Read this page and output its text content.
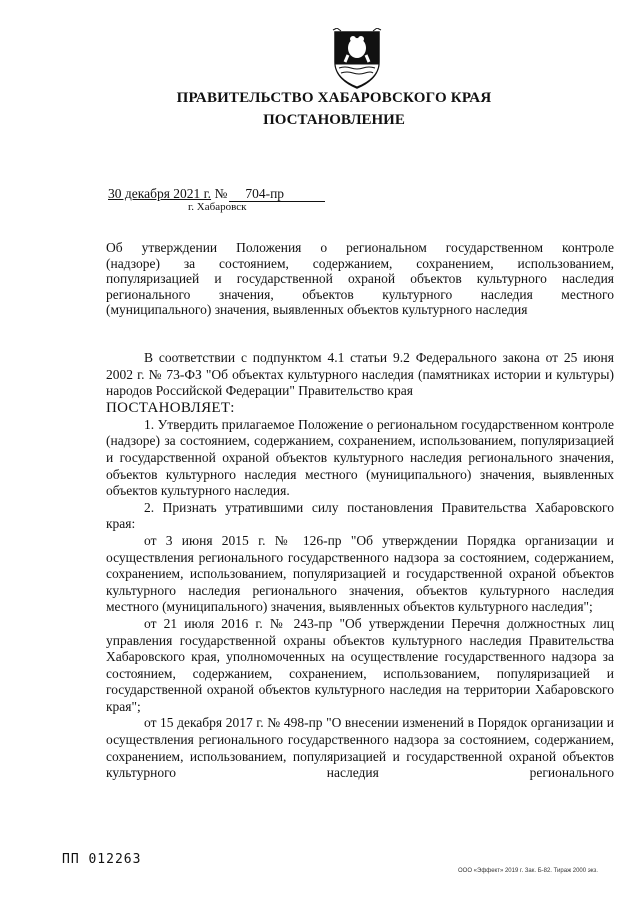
ПРАВИТЕЛЬСТВО ХАБАРОВСКОГО КРАЯ
ПОСТАНОВЛЕНИЕ
30 декабря 2021 г. № 704-пр
г. Хабаровск
Об утверждении Положения о региональном государственном контроле
(надзоре) за состоянием, содержанием, сохранением, использованием,
популяризацией и государственной охраной объектов культурного наследия
регионального значения, объектов культурного наследия местного
(муниципального) значения, выявленных объектов культурного наследия

В соответствии с подпунктом 4.1 статьи 9.2 Федерального закона от 25 июня 2002 г. № 73-ФЗ "Об объектах культурного наследия (памятниках истории и культуры) народов Российской Федерации" Правительство края

ПОСТАНОВЛЯЕТ:

1. Утвердить прилагаемое Положение о региональном государственном контроле (надзоре) за состоянием, содержанием, сохранением, использованием, популяризацией и государственной охраной объектов культурного наследия регионального значения, объектов культурного наследия местного (муниципального) значения, выявленных объектов культурного наследия.

2. Признать утратившими силу постановления Правительства Хабаровского края:

от 3 июня 2015 г. № 126-пр "Об утверждении Порядка организации и осуществления регионального государственного надзора за состоянием, содержанием, сохранением, использованием, популяризацией и государственной охраной объектов культурного наследия регионального значения, объектов культурного наследия местного (муниципального) значения, выявленных объектов культурного наследия";

от 21 июля 2016 г. № 243-пр "Об утверждении Перечня должностных лиц управления государственной охраны объектов культурного наследия Правительства Хабаровского края, уполномоченных на осуществление государственного надзора за состоянием, содержанием, сохранением, использованием, популяризацией и государственной охраной объектов культурного наследия на территории Хабаровского края";

от 15 декабря 2017 г. № 498-пр "О внесении изменений в Порядок организации и осуществления регионального государственного надзора за состоянием, содержанием, сохранением, использованием, популяризацией и государственной охраной объектов культурного наследия регионального

ПП 012263
ООО «Эффект» 2019 г. Зак. Б-82. Тираж 2000 экз.
